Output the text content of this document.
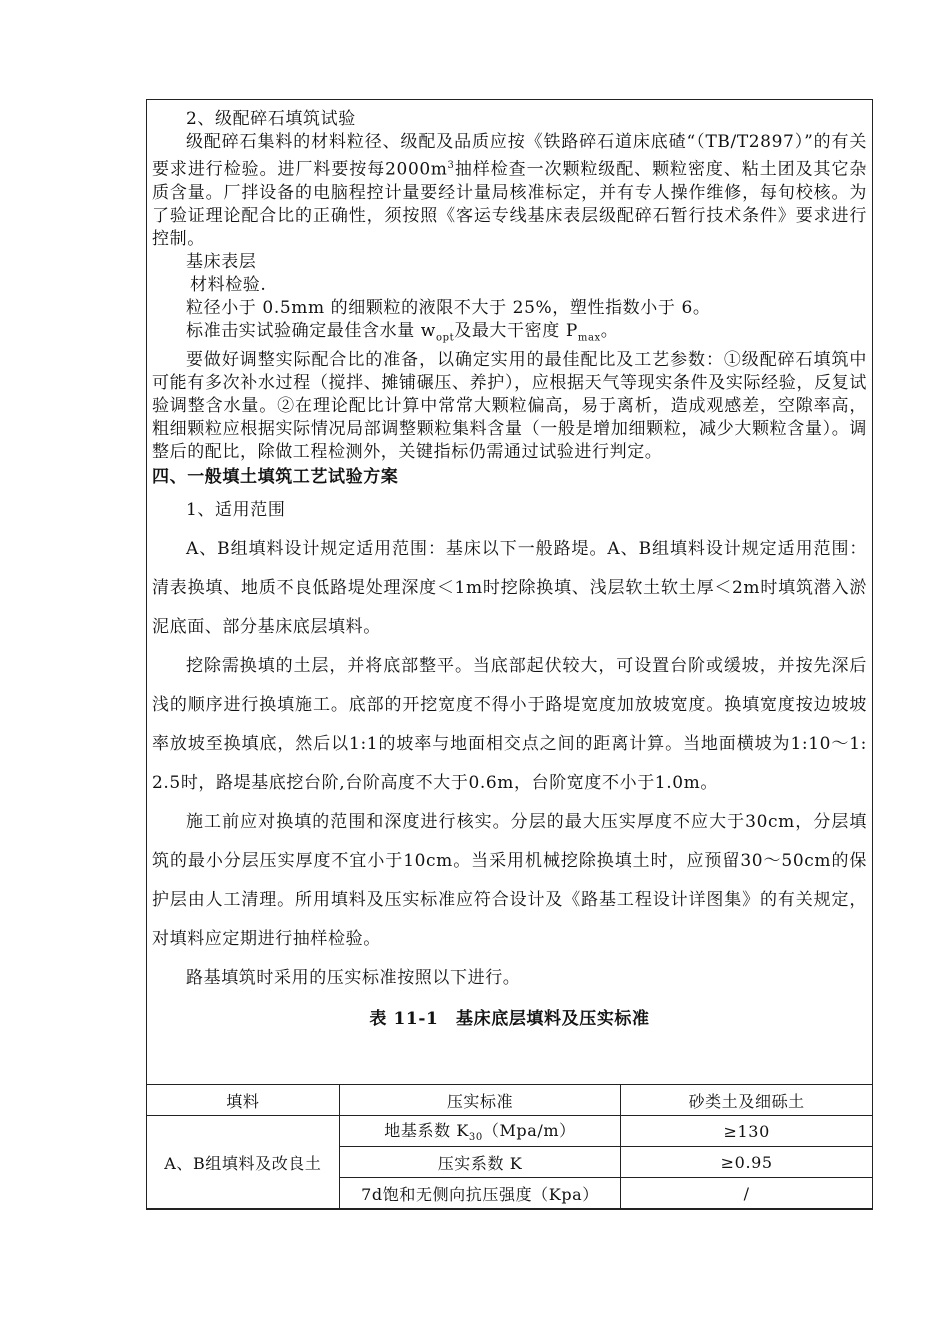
2、级配碎石填筑试验

级配碎石集料的材料粒径、级配及品质应按《铁路碎石道床底碴“（TB/T2897）”的有关要求进行检验。进厂料要按每$2000m^3$抽样检查一次颗粒级配、颗粒密度、粘土团及其它杂质含量。厂拌设备的电脑程控计量要经计量局核准标定，并有专人操作维修，每旬校核。为了验证理论配合比的正确性，须按照《客运专线基床表层级配碎石暂行技术条件》要求进行控制。

基床表层

材料检验.

粒径小于 0.5mm 的细颗粒的液限不大于 25%，塑性指数小于 6。

标准击实试验确定最佳含水量 $w_{opt}$及最大干密度 $P_{max}$。

要做好调整实际配合比的准备，以确定实用的最佳配比及工艺参数：①级配碎石填筑中可能有多次补水过程（搅拌、摊铺碾压、养护），应根据天气等现实条件及实际经验，反复试验调整含水量。②在理论配比计算中常常大颗粒偏高，易于离析，造成观感差，空隙率高，粗细颗粒应根据实际情况局部调整颗粒集料含量（一般是增加细颗粒，减少大颗粒含量）。调整后的配比，除做工程检测外，关键指标仍需通过试验进行判定。

四、一般填土填筑工艺试验方案

1、适用范围

A、B组填料设计规定适用范围：基床以下一般路堤。A、B组填料设计规定适用范围：清表换填、地质不良低路堤处理深度＜1m时挖除换填、浅层软土软土厚＜2m时填筑潜入淤泥底面、部分基床底层填料。

挖除需换填的土层，并将底部整平。当底部起伏较大，可设置台阶或缓坡，并按先深后浅的顺序进行换填施工。底部的开挖宽度不得小于路堤宽度加放坡宽度。换填宽度按边坡坡率放坡至换填底，然后以1:1的坡率与地面相交点之间的距离计算。当地面横坡为1:10～1: 2.5时，路堤基底挖台阶,台阶高度不大于0.6m，台阶宽度不小于1.0m。

施工前应对换填的范围和深度进行核实。分层的最大压实厚度不应大于30cm，分层填筑的最小分层压实厚度不宜小于10cm。当采用机械挖除换填土时，应预留30～50cm的保护层由人工清理。所用填料及压实标准应符合设计及《路基工程设计详图集》的有关规定，对填料应定期进行抽样检验。

路基填筑时采用的压实标准按照以下进行。

表 11-1　基床底层填料及压实标准

填料	压实标准	砂类土及细砾土
A、B组填料及改良土	地基系数 $K_{30}(Mpa/m)$	≥130
	压实系数 K	≥0.95
	7d饱和无侧向抗压强度（Kpa）	/
